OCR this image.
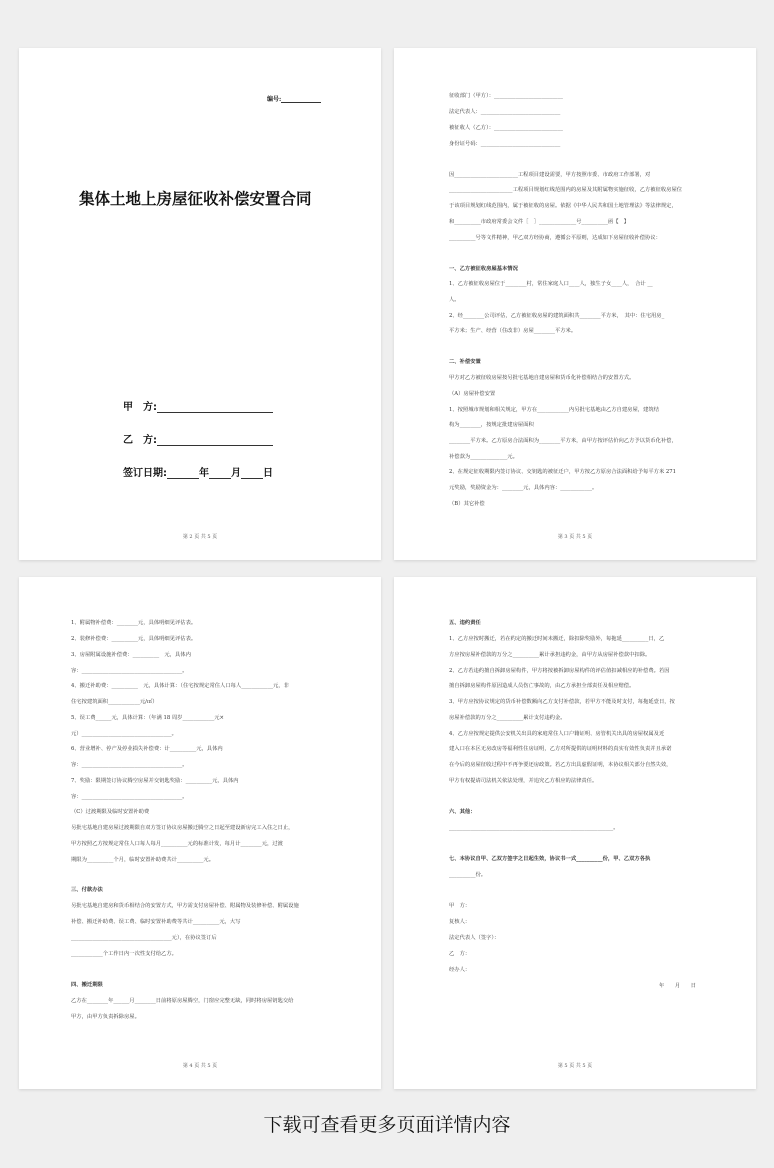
编号:
集体土地上房屋征收补偿安置合同
甲　方:
乙　方:
签订日期:	年 月 日
第 2 页 共 5 页
征收部门（甲方）：__________________________
法定代表人：______________________________
被征收人（乙方）：__________________________
身份证号码：______________________________
因________________________工程项目建设需要，甲方按照市委、市政府工作部署，对
________________________工程项目规划红线范围内的房屋及其附属物实施征收，乙方被征收房屋位
于该项目规划红线范围内，属于被征收的房屋。依据《中华人民共和国土地管理法》等法律规定，
和__________市政府常委会文件［　］______________号__________函【　】
__________号等文件精神，甲乙双方经协商，遵循公平原则，达成如下房屋征收补偿协议：
一、乙方被征收房屋基本情况
1、乙方被征收房屋位于________村，常住家庭人口____人，独生子女____人，　合计 __
人。
2、经________公司评估，乙方被征收房屋的建筑面积共________平方米，　其中：住宅用房_
平方米；生产、经营（住改非）房屋________平方米。
二、补偿安置
甲方对乙方被征收房屋按另批宅基地自建房屋和货币化补偿相结合的安置方式。
（A）房屋补偿安置
1、按照城市规划和相关规定，甲方在____________内另批宅基地由乙方自建房屋，建筑结
构为________，按规定批建房屋面积
________平方米。乙方原房合法面积为________平方米，由甲方按评估价向乙方予以货币化补偿，
补偿款为______________元。
2、在规定征收期限内签订协议、交钥匙的被征迁户，甲方按乙方原房合法面积给予每平方米 271
元奖励，奖励资金为：________元，具体内容：____________。
（B）其它补偿
第 3 页 共 5 页
1、附属物补偿费：________元，具体明细见评估表。
2、装修补偿费：__________元，具体明细见评估表。
3、房屋附属设施补偿费：__________　元，具体内
容：______________________________________。
4、搬迁补助费：__________　元，具体计算：（住宅按规定常住人口每人____________元，非
住宅按建筑面积____________元/㎡）
5、误工费______元，具体计算：（年满 18 周岁____________元×
元）__________________________________。
6、营业增补、停产及停业损失补偿费：计__________元，具体内
容：______________________________________。
7、奖励：限期签订协议腾空房屋并交钥匙奖励：__________元，具体内
容：______________________________________。
（C）过渡期限及临时安置补助费
另批宅基地自建房屋过渡期限自双方签订协议房屋搬迁腾空之日起至建设新房完工入住之日止，
甲方按照乙方按规定常住人口每人每月__________元的标准计发，每月计________元，过渡
期限为__________个月，临时安置补助费共计__________元。
三、付款办法
另批宅基地自建房和货币相结合的安置方式，甲方需支付房屋补偿、附属物及装修补偿、附属设施
补偿、搬迁补助费、误工费、临时安置补助费等共计__________元，大写
______________________________________元），在协议签订后
____________个工作日内一次性支付给乙方。
四、搬迁期限
乙方在________年______月________日前将原房屋腾空，门窗应完整无缺，同时将房屋钥匙交给
甲方，由甲方负责拆除房屋。
第 4 页 共 5 页
五、违约责任
1、乙方应按时搬迁，若在约定的搬迁时间未搬迁，除扣除奖励外，每拖延__________日，乙
方应按房屋补偿款的万分之__________累计承担违约金，由甲方从房屋补偿款中扣除。
2、乙方若违约擅自拆卸房屋构件，甲方将按被拆卸房屋构件的评估值扣减相应的补偿费。若因
擅自拆卸房屋构件原因造成人员伤亡事故的，由乙方承担全部责任及相应赔偿。
3、甲方应按协议规定的货币补偿数额向乙方支付补偿款，若甲方不能及时支付，每拖延壹日，按
房屋补偿款的万分之__________累计支付违约金。
4、乙方应按规定提供公安机关出具的家庭常住人口户籍证明、房管机关出具的房屋权属及近
建入口在本区无房改房等福利性住房证明，乙方对所提供的证明材料的真实有效性负责并且承诺
在今后的房屋征收过程中不再争要还房政策。若乙方出具虚假证明，本协议相关部分自然失效，
甲方有权提请司法机关依法处理，并追究乙方相应的法律责任。
六、其他：
______________________________________________________________。
七、本协议自甲、乙双方签字之日起生效，协议书一式__________份，甲、乙双方各执
__________份。
甲　方：
复核人：
法定代表人（签字）：
乙　方：
经办人：
年　　月　　日
第 5 页 共 5 页
下载可查看更多页面详情内容
